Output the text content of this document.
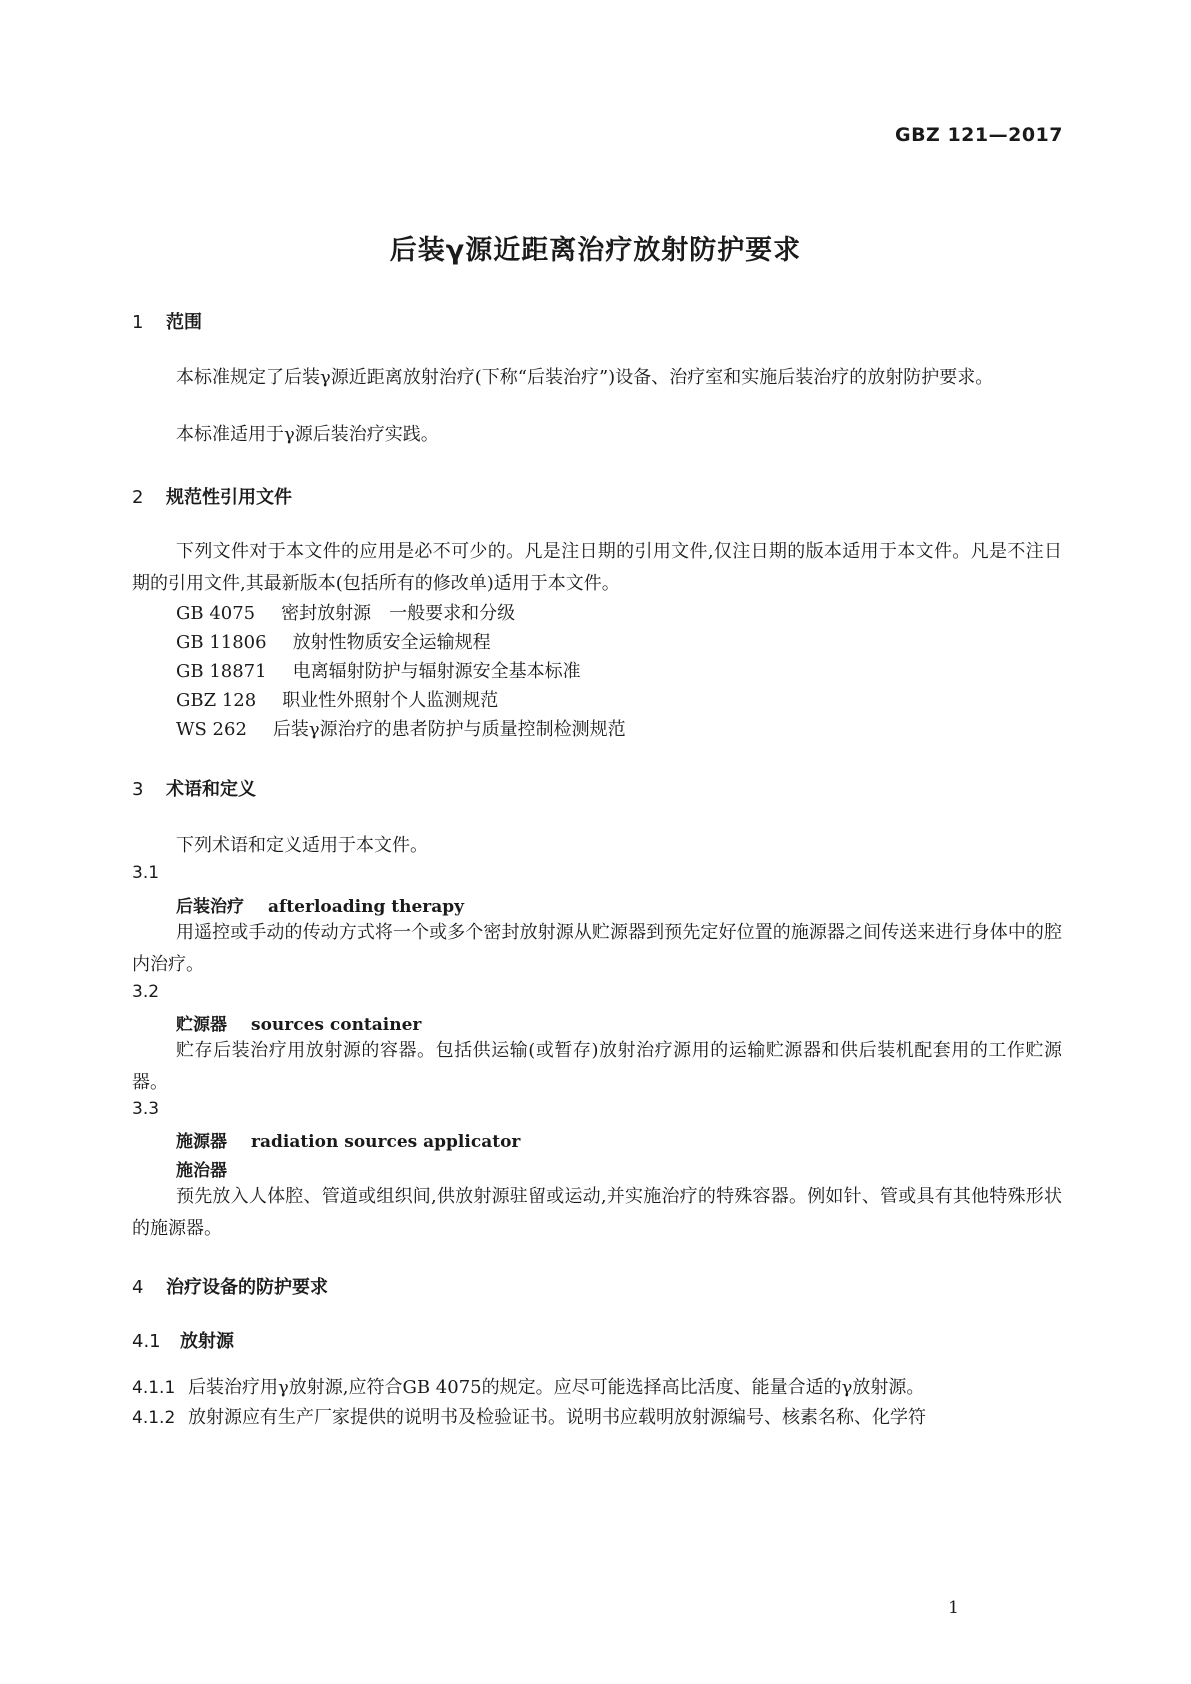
GBZ 121—2017
后装γ源近距离治疗放射防护要求
1 范围
本标准规定了后装γ源近距离放射治疗(下称“后装治疗”)设备、治疗室和实施后装治疗的放射防护要求。
本标准适用于γ源后装治疗实践。
2 规范性引用文件
下列文件对于本文件的应用是必不可少的。凡是注日期的引用文件,仅注日期的版本适用于本文件。凡是不注日期的引用文件,其最新版本(包括所有的修改单)适用于本文件。
GB 4075 密封放射源　一般要求和分级
GB 11806 放射性物质安全运输规程
GB 18871 电离辐射防护与辐射源安全基本标准
GBZ 128 职业性外照射个人监测规范
WS 262 后装γ源治疗的患者防护与质量控制检测规范
3 术语和定义
下列术语和定义适用于本文件。
3.1
后装治疗 afterloading therapy
用遥控或手动的传动方式将一个或多个密封放射源从贮源器到预先定好位置的施源器之间传送来进行身体中的腔内治疗。
3.2
贮源器 sources container
贮存后装治疗用放射源的容器。包括供运输(或暂存)放射治疗源用的运输贮源器和供后装机配套用的工作贮源器。
3.3
施源器 radiation sources applicator
施治器
预先放入人体腔、管道或组织间,供放射源驻留或运动,并实施治疗的特殊容器。例如针、管或具有其他特殊形状的施源器。
4 治疗设备的防护要求
4.1 放射源
4.1.1 后装治疗用γ放射源,应符合GB 4075的规定。应尽可能选择高比活度、能量合适的γ放射源。
4.1.2 放射源应有生产厂家提供的说明书及检验证书。说明书应载明放射源编号、核素名称、化学符
1
